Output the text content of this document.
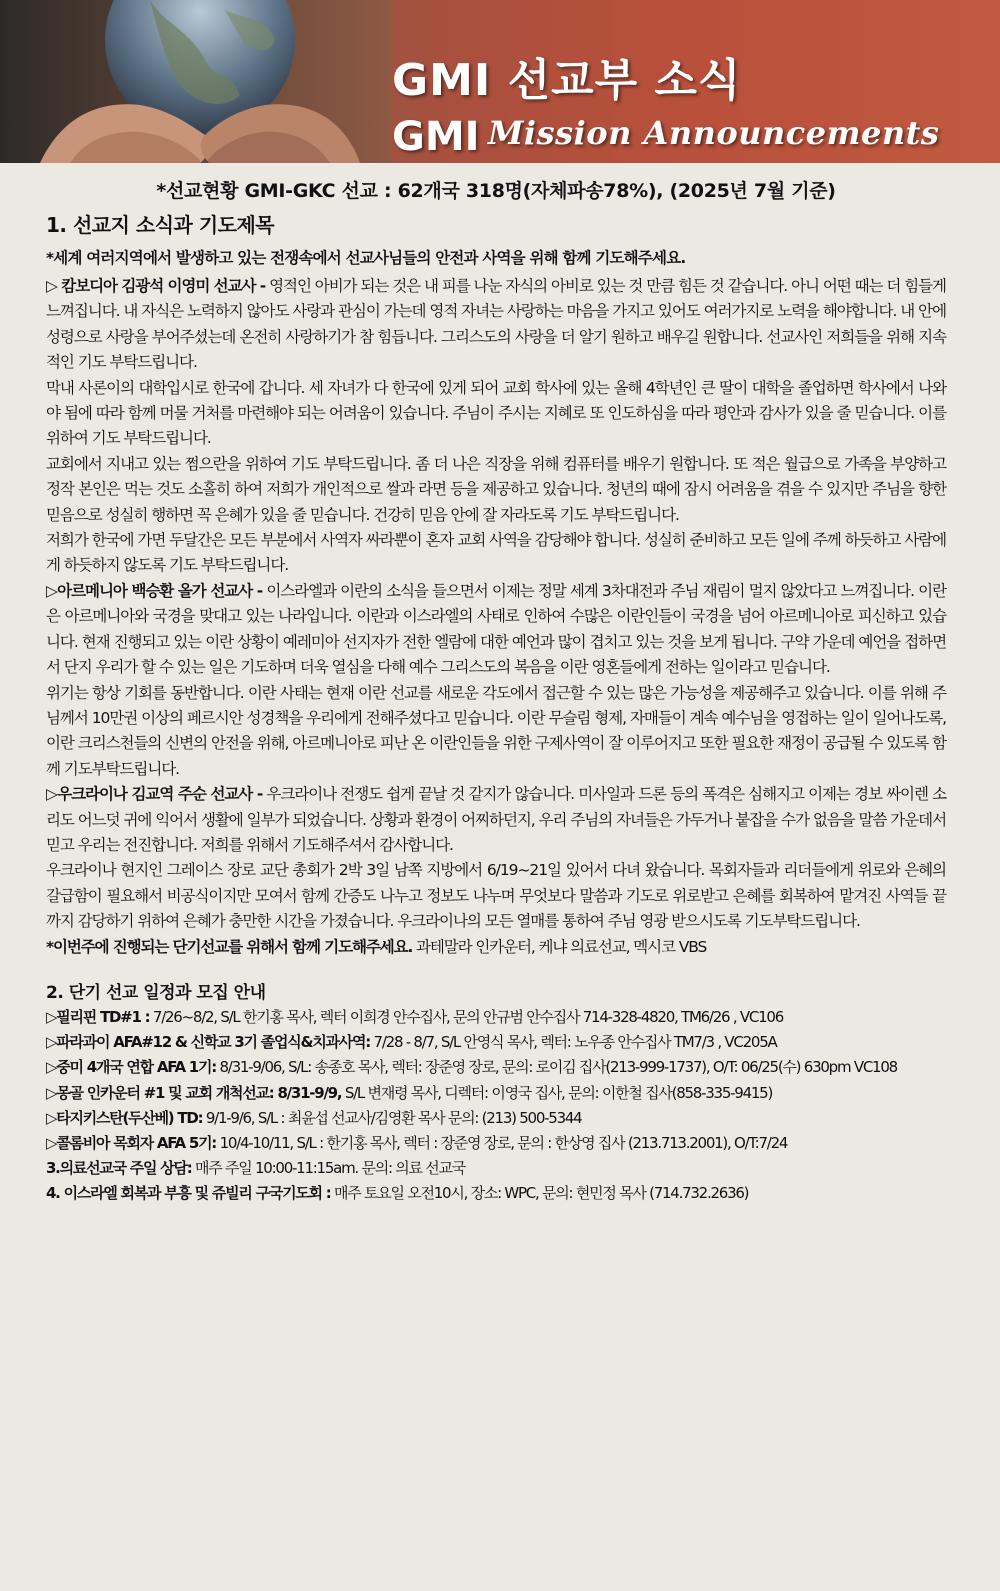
GMI 선교부 소식
GMI Mission Announcements
*선교현황 GMI-GKC 선교 : 62개국 318명(자체파송78%), (2025년 7월 기준)
1. 선교지 소식과 기도제목
*세계 여러지역에서 발생하고 있는 전쟁속에서 선교사님들의 안전과 사역을 위해 함께 기도해주세요.

▷ 캄보디아 김광석 이영미 선교사 - 영적인 아비가 되는 것은 내 피를 나눈 자식의 아비로 있는 것 만큼 힘든 것 같습니다. 아니 어떤 때는 더 힘들게 느껴집니다. 내 자식은 노력하지 않아도 사랑과 관심이 가는데 영적 자녀는 사랑하는 마음을 가지고 있어도 여러가지로 노력을 해야합니다. 내 안에 성령으로 사랑을 부어주셨는데 온전히 사랑하기가 참 힘듭니다. 그리스도의 사랑을 더 알기 원하고 배우길 원합니다. 선교사인 저희들을 위해 지속적인 기도 부탁드립니다.

막내 사론이의 대학입시로 한국에 갑니다. 세 자녀가 다 한국에 있게 되어 교회 학사에 있는 올해 4학년인 큰 딸이 대학을 졸업하면 학사에서 나와야 됨에 따라 함께 머물 거처를 마련해야 되는 어려움이 있습니다. 주님이 주시는 지혜로 또 인도하심을 따라 평안과 감사가 있을 줄 믿습니다. 이를 위하여 기도 부탁드립니다.

교회에서 지내고 있는 쩜으란을 위하여 기도 부탁드립니다. 좀 더 나은 직장을 위해 컴퓨터를 배우기 원합니다. 또 적은 월급으로 가족을 부양하고 정작 본인은 먹는 것도 소홀히 하여 저희가 개인적으로 쌀과 라면 등을 제공하고 있습니다. 청년의 때에 잠시 어려움을 겪을 수 있지만 주님을 향한 믿음으로 성실히 행하면 꼭 은혜가 있을 줄 믿습니다. 건강히 믿음 안에 잘 자라도록 기도 부탁드립니다.

저희가 한국에 가면 두달간은 모든 부분에서 사역자 싸라뿐이 혼자 교회 사역을 감당해야 합니다. 성실히 준비하고 모든 일에 주께 하듯하고 사람에게 하듯하지 않도록 기도 부탁드립니다.

▷아르메니아 백승환 올가 선교사 - 이스라엘과 이란의 소식을 들으면서 이제는 정말 세계 3차대전과 주님 재림이 멀지 않았다고 느껴집니다. 이란은 아르메니아와 국경을 맞대고 있는 나라입니다. 이란과 이스라엘의 사태로 인하여 수많은 이란인들이 국경을 넘어 아르메니아로 피신하고 있습니다. 현재 진행되고 있는 이란 상황이 예레미아 선지자가 전한 엘람에 대한 예언과 많이 겹치고 있는 것을 보게 됩니다. 구약 가운데 예언을 접하면서 단지 우리가 할 수 있는 일은 기도하며 더욱 열심을 다해 예수 그리스도의 복음을 이란 영혼들에게 전하는 일이라고 믿습니다.

위기는 항상 기회를 동반합니다. 이란 사태는 현재 이란 선교를 새로운 각도에서 접근할 수 있는 많은 가능성을 제공해주고 있습니다. 이를 위해 주님께서 10만권 이상의 페르시안 성경책을 우리에게 전해주셨다고 믿습니다. 이란 무슬림 형제, 자매들이 계속 예수님을 영접하는 일이 일어나도록, 이란 크리스천들의 신변의 안전을 위해, 아르메니아로 피난 온 이란인들을 위한 구제사역이 잘 이루어지고 또한 필요한 재정이 공급될 수 있도록 함께 기도부탁드립니다.

▷우크라이나 김교역 주순 선교사 - 우크라이나 전쟁도 쉽게 끝날 것 같지가 않습니다. 미사일과 드론 등의 폭격은 심해지고 이제는 경보 싸이렌 소리도 어느덧 귀에 익어서 생활에 일부가 되었습니다. 상황과 환경이 어찌하던지, 우리 주님의 자녀들은 가두거나 붙잡을 수가 없음을 말씀 가운데서 믿고 우리는 전진합니다. 저희를 위해서 기도해주셔서 감사합니다.

우크라이나 현지인 그레이스 장로 교단 총회가 2박 3일 남쪽 지방에서 6/19~21일 있어서 다녀 왔습니다. 목회자들과 리더들에게 위로와 은혜의 갈급함이 필요해서 비공식이지만 모여서 함께 간증도 나누고 정보도 나누며 무엇보다 말씀과 기도로 위로받고 은혜를 회복하여 맡겨진 사역들 끝까지 감당하기 위하여 은혜가 충만한 시간을 가졌습니다. 우크라이나의 모든 열매를 통하여 주님 영광 받으시도록 기도부탁드립니다.

*이번주에 진행되는 단기선교를 위해서 함께 기도해주세요. 과테말라 인카운터, 케냐 의료선교, 멕시코 VBS

2. 단기 선교 일정과 모집 안내
▷필리핀 TD#1 : 7/26~8/2, S/L 한기홍 목사, 렉터 이희경 안수집사, 문의 안규범 안수집사 714-328-4820, TM6/26 , VC106
▷파라과이 AFA#12 & 신학교 3기 졸업식&치과사역: 7/28 - 8/7, S/L 안영식 목사, 렉터: 노우종 안수집사 TM7/3 , VC205A
▷중미 4개국 연합 AFA 1기: 8/31-9/06, S/L: 송종호 목사, 렉터: 장준영 장로, 문의: 로이김 집사(213-999-1737), O/T: 06/25(수) 630pm VC108
▷몽골 인카운터 #1 및 교회 개척선교: 8/31-9/9, S/L 변재령 목사, 디렉터: 이영국 집사, 문의: 이한철 집사(858-335-9415)
▷타지키스탄(두산베) TD: 9/1-9/6, S/L : 최윤섭 선교사/김영환 목사 문의: (213) 500-5344
▷콜롬비아 목회자 AFA 5기: 10/4-10/11, S/L : 한기홍 목사, 렉터 : 장준영 장로, 문의 : 한상영 집사 (213.713.2001), O/T:7/24
3.의료선교국 주일 상담: 매주 주일 10:00-11:15am. 문의: 의료 선교국
4. 이스라엘 회복과 부흥 및 쥬빌리 구국기도회 : 매주 토요일 오전10시, 장소: WPC, 문의: 현민정 목사 (714.732.2636)
